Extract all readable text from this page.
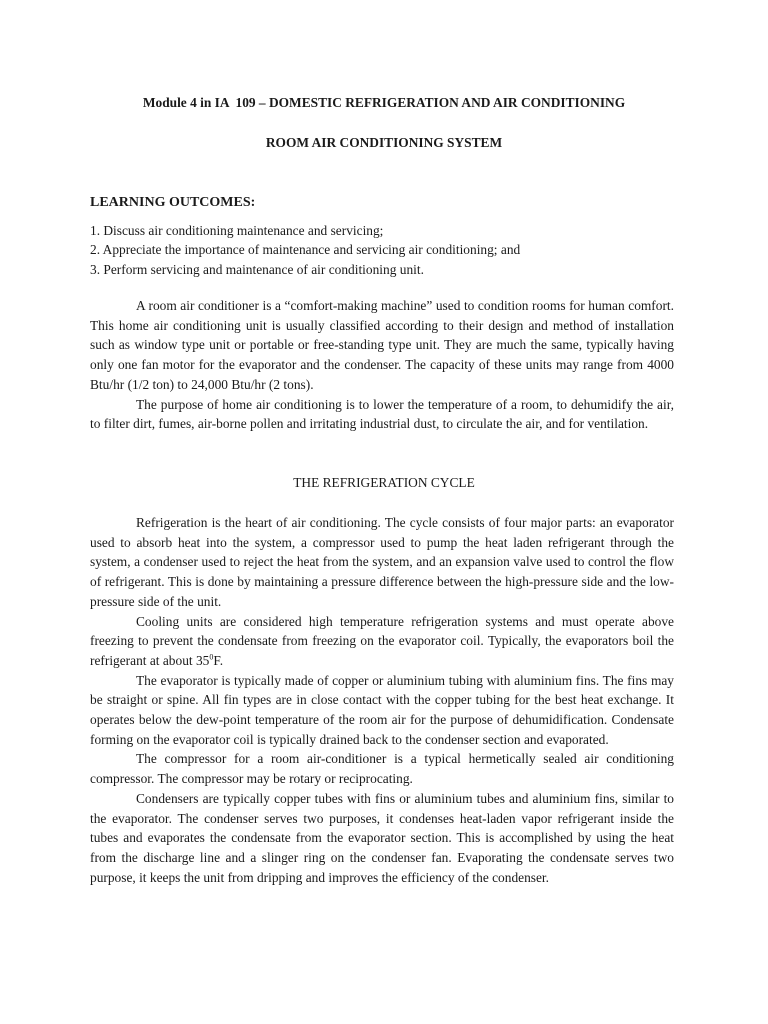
Module 4 in IA  109 – DOMESTIC REFRIGERATION AND AIR CONDITIONING
ROOM AIR CONDITIONING SYSTEM
LEARNING OUTCOMES:
1. Discuss air conditioning maintenance and servicing;
2. Appreciate the importance of maintenance and servicing air conditioning; and
3. Perform servicing and maintenance of air conditioning unit.

A room air conditioner is a “comfort-making machine” used to condition rooms for human comfort. This home air conditioning unit is usually classified according to their design and method of installation such as window type unit or portable or free-standing type unit. They are much the same, typically having only one fan motor for the evaporator and the condenser. The capacity of these units may range from 4000 Btu/hr (1/2 ton) to 24,000 Btu/hr (2 tons).

The purpose of home air conditioning is to lower the temperature of a room, to dehumidify the air, to filter dirt, fumes, air-borne pollen and irritating industrial dust, to circulate the air, and for ventilation.

THE REFRIGERATION CYCLE

Refrigeration is the heart of air conditioning. The cycle consists of four major parts: an evaporator used to absorb heat into the system, a compressor used to pump the heat laden refrigerant through the system, a condenser used to reject the heat from the system, and an expansion valve used to control the flow of refrigerant. This is done by maintaining a pressure difference between the high-pressure side and the low-pressure side of the unit.

Cooling units are considered high temperature refrigeration systems and must operate above freezing to prevent the condensate from freezing on the evaporator coil. Typically, the evaporators boil the refrigerant at about $35^0F$.

The evaporator is typically made of copper or aluminium tubing with aluminium fins. The fins may be straight or spine. All fin types are in close contact with the copper tubing for the best heat exchange. It operates below the dew-point temperature of the room air for the purpose of dehumidification. Condensate forming on the evaporator coil is typically drained back to the condenser section and evaporated.

The compressor for a room air-conditioner is a typical hermetically sealed air conditioning compressor. The compressor may be rotary or reciprocating.

Condensers are typically copper tubes with fins or aluminium tubes and aluminium fins, similar to the evaporator. The condenser serves two purposes, it condenses heat-laden vapor refrigerant inside the tubes and evaporates the condensate from the evaporator section. This is accomplished by using the heat from the discharge line and a slinger ring on the condenser fan. Evaporating the condensate serves two purpose, it keeps the unit from dripping and improves the efficiency of the condenser.
